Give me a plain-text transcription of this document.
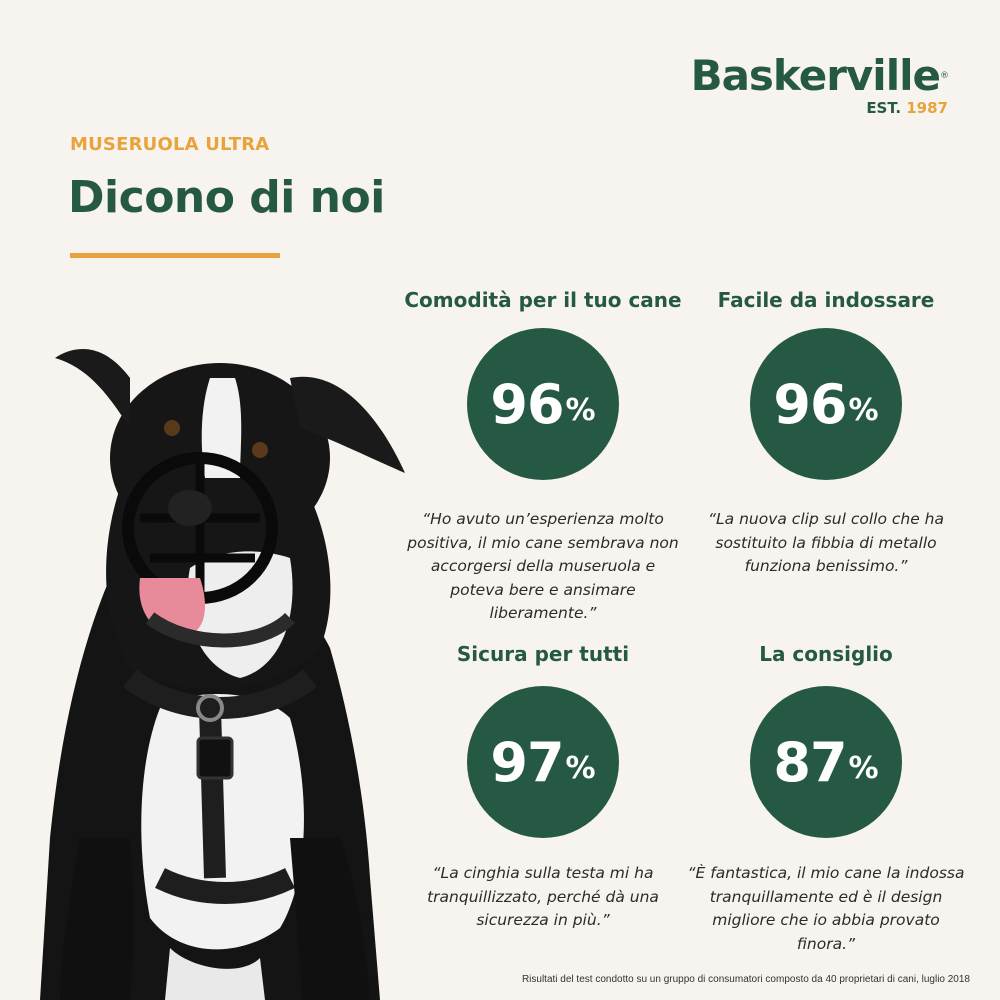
Baskerville®
EST. 1987
MUSERUOLA ULTRA
Dicono di noi
Comodità per il tuo cane
96 %
“Ho avuto un’esperienza molto positiva, il mio cane sembrava non accorgersi della museruola e poteva bere e ansimare liberamente.”
Facile da indossare
96 %
“La nuova clip sul collo che ha sostituito la fibbia di metallo funziona benissimo.”
Sicura per tutti
97 %
“La cinghia sulla testa mi ha tranquillizzato, perché dà una sicurezza in più.”
La consiglio
87 %
“È fantastica, il mio cane la indossa tranquillamente ed è il design migliore che io abbia provato finora.”
Risultati del test condotto su un gruppo di consumatori composto da 40 proprietari di cani, luglio 2018
